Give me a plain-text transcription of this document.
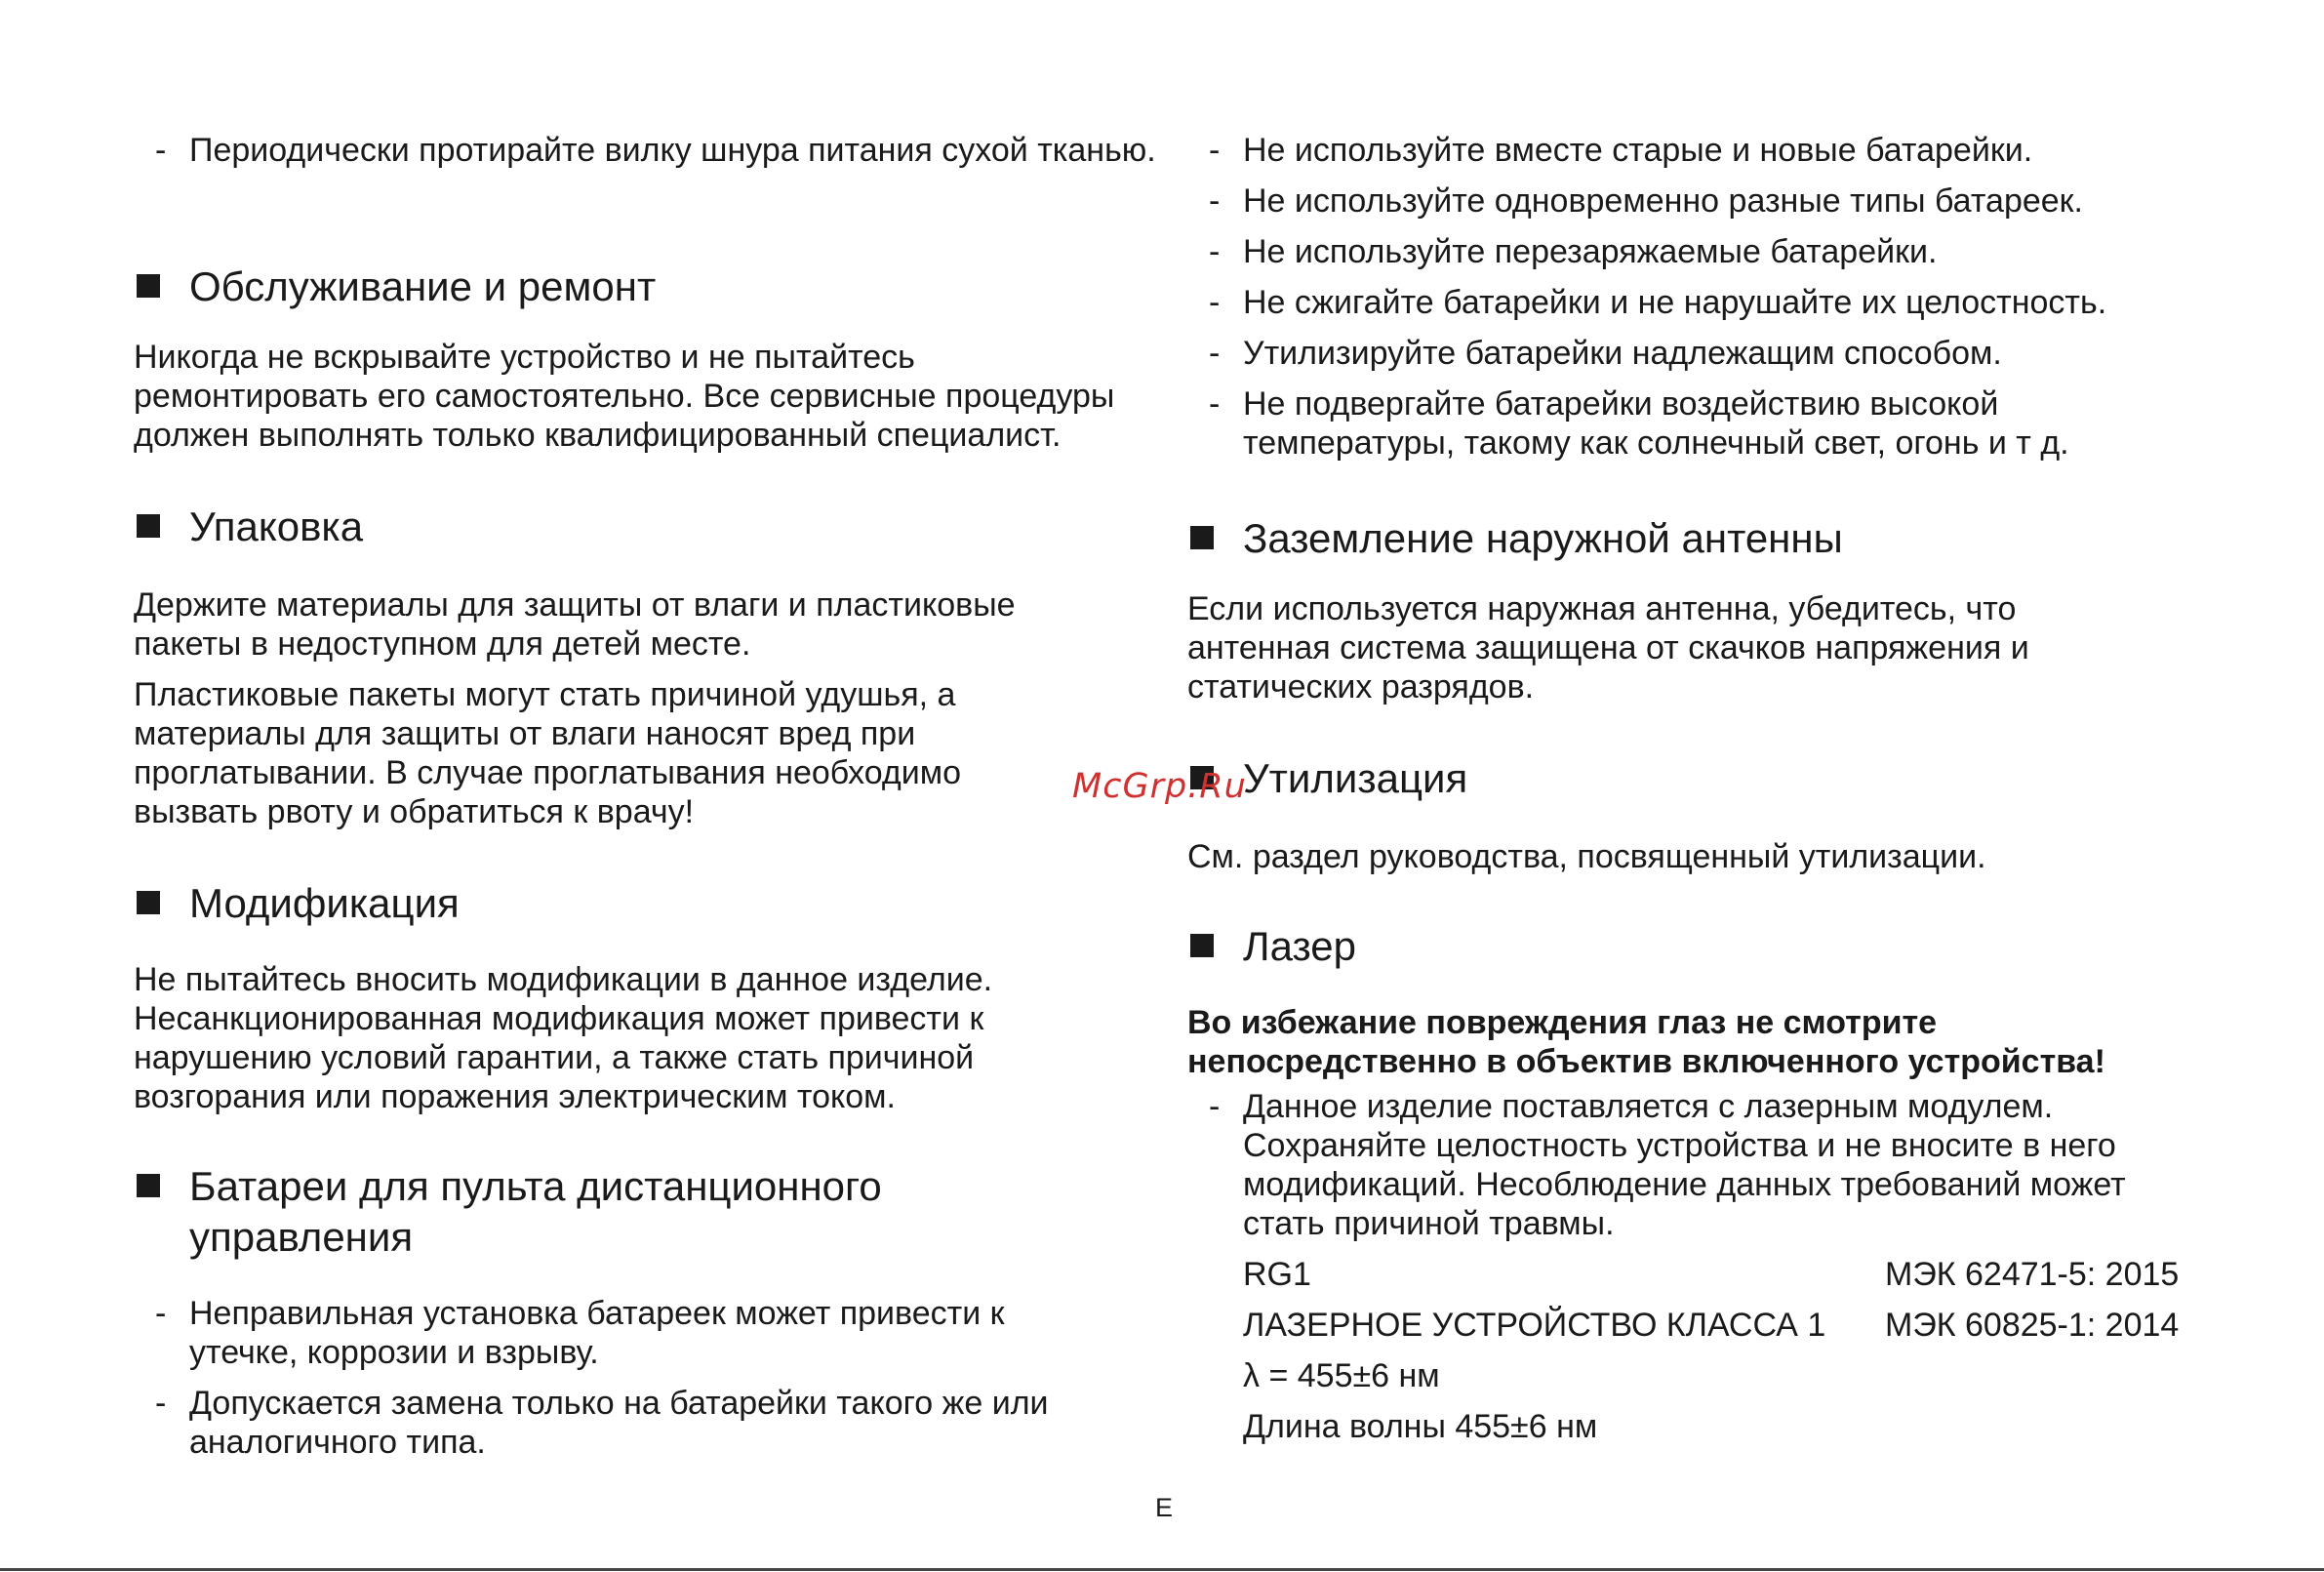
- Периодически протирайте вилку шнура питания сухой тканью.

Обслуживание и ремонт

Никогда не вскрывайте устройство и не пытайтесь ремонтировать его самостоятельно. Все сервисные процедуры должен выполнять только квалифицированный специалист.

Упаковка

Держите материалы для защиты от влаги и пластиковые пакеты в недоступном для детей месте.

Пластиковые пакеты могут стать причиной удушья, а материалы для защиты от влаги наносят вред при проглатывании. В случае проглатывания необходимо вызвать рвоту и обратиться к врачу!

Модификация

Не пытайтесь вносить модификации в данное изделие. Несанкционированная модификация может привести к нарушению условий гарантии, а также стать причиной возгорания или поражения электрическим током.

Батареи для пульта дистанционного управления
- Неправильная установка батареек может привести к утечке, коррозии и взрыву.

- Допускается замена только на батарейки такого же или аналогичного типа.

- Не используйте вместе старые и новые батарейки.

- Не используйте одновременно разные типы батареек.

- Не используйте перезаряжаемые батарейки.

- Не сжигайте батарейки и не нарушайте их целостность.

- Утилизируйте батарейки надлежащим способом.

- Не подвергайте батарейки воздействию высокой температуры, такому как солнечный свет, огонь и т д.

Заземление наружной антенны

Если используется наружная антенна, убедитесь, что антенная система защищена от скачков напряжения и статических разрядов.

Утилизация

См. раздел руководства, посвященный утилизации.

Лазер

Во избежание повреждения глаз не смотрите непосредственно в объектив включенного устройства!

- Данное изделие поставляется с лазерным модулем. Сохраняйте целостность устройства и не вносите в него модификаций. Несоблюдение данных требований может стать причиной травмы.

RG1	МЭК 62471-5: 2015
ЛАЗЕРНОЕ УСТРОЙСТВО КЛАССА 1 МЭК 60825-1: 2014
λ = 455±6 нм
Длина волны 455±6 нм
McGrp.Ru
E
